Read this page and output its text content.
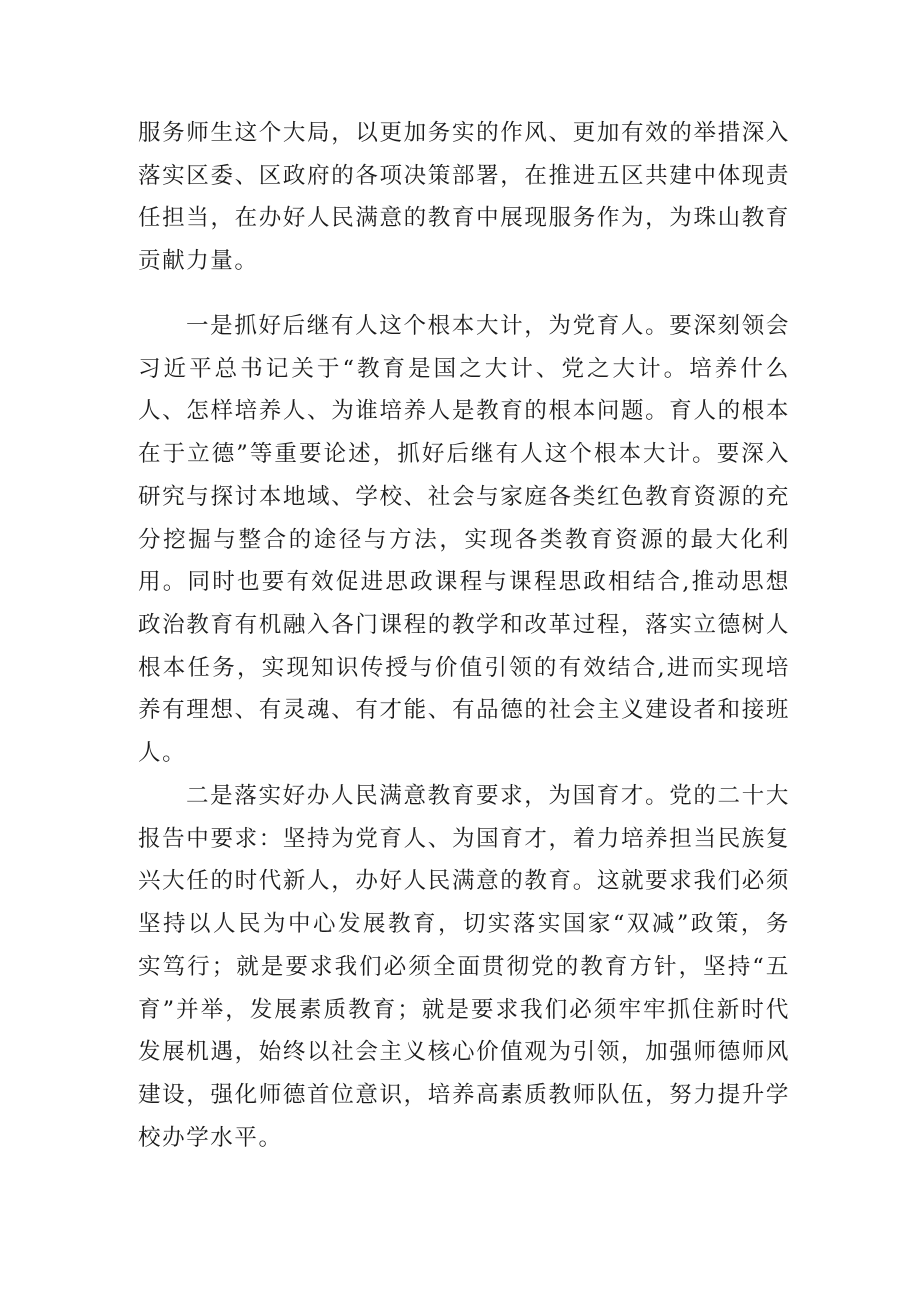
服务师生这个大局，以更加务实的作风、更加有效的举措深入落实区委、区政府的各项决策部署，在推进五区共建中体现责任担当，在办好人民满意的教育中展现服务作为，为珠山教育贡献力量。

一是抓好后继有人这个根本大计，为党育人。要深刻领会习近平总书记关于“教育是国之大计、党之大计。培养什么人、怎样培养人、为谁培养人是教育的根本问题。育人的根本在于立德”等重要论述，抓好后继有人这个根本大计。要深入研究与探讨本地域、学校、社会与家庭各类红色教育资源的充分挖掘与整合的途径与方法，实现各类教育资源的最大化利用。同时也要有效促进思政课程与课程思政相结合,推动思想政治教育有机融入各门课程的教学和改革过程，落实立德树人根本任务，实现知识传授与价值引领的有效结合,进而实现培养有理想、有灵魂、有才能、有品德的社会主义建设者和接班人。

二是落实好办人民满意教育要求，为国育才。党的二十大报告中要求：坚持为党育人、为国育才，着力培养担当民族复兴大任的时代新人，办好人民满意的教育。这就要求我们必须坚持以人民为中心发展教育，切实落实国家“双减”政策，务实笃行；就是要求我们必须全面贯彻党的教育方针，坚持“五育”并举，发展素质教育；就是要求我们必须牢牢抓住新时代发展机遇，始终以社会主义核心价值观为引领，加强师德师风建设，强化师德首位意识，培养高素质教师队伍，努力提升学校办学水平。
